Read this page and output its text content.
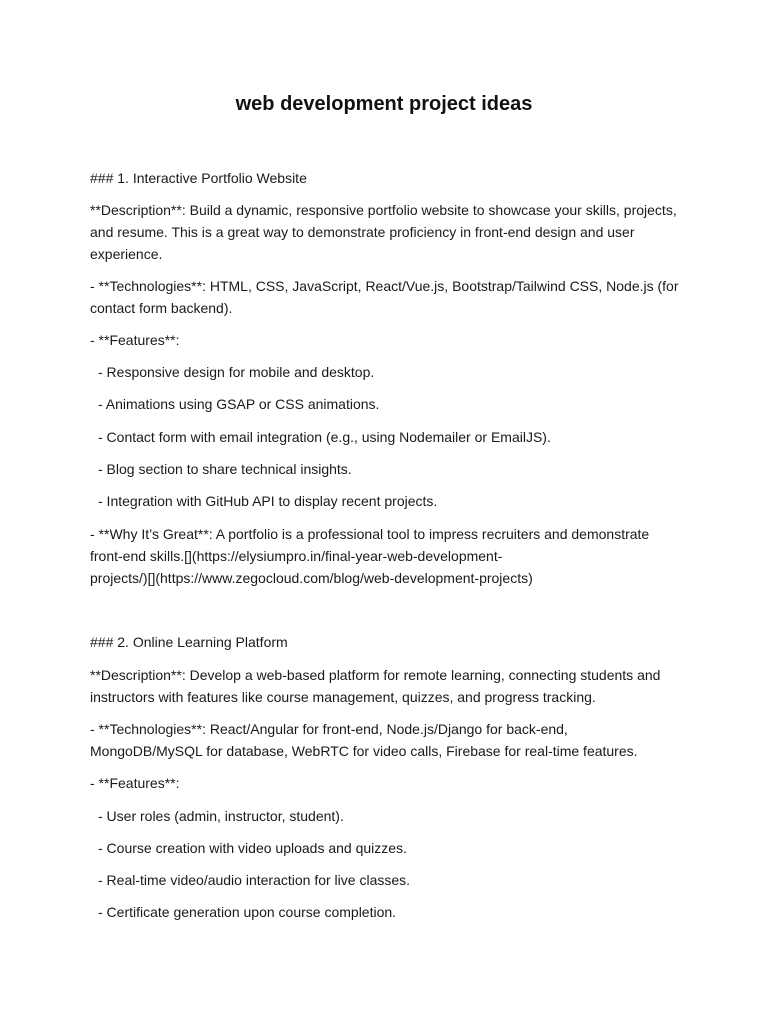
web development project ideas

### 1. Interactive Portfolio Website

**Description**: Build a dynamic, responsive portfolio website to showcase your skills, projects,

and resume. This is a great way to demonstrate proficiency in front-end design and user

experience.

- **Technologies**: HTML, CSS, JavaScript, React/Vue.js, Bootstrap/Tailwind CSS, Node.js (for

contact form backend).

- **Features**:

- Responsive design for mobile and desktop.

- Animations using GSAP or CSS animations.

- Contact form with email integration (e.g., using Nodemailer or EmailJS).

- Blog section to share technical insights.

- Integration with GitHub API to display recent projects.

- **Why It’s Great**: A portfolio is a professional tool to impress recruiters and demonstrate

front-end skills.[](https://elysiumpro.in/final-year-web-development-

projects/)[](https://www.zegocloud.com/blog/web-development-projects)

### 2. Online Learning Platform

**Description**: Develop a web-based platform for remote learning, connecting students and

instructors with features like course management, quizzes, and progress tracking.

- **Technologies**: React/Angular for front-end, Node.js/Django for back-end,

MongoDB/MySQL for database, WebRTC for video calls, Firebase for real-time features.

- **Features**:

- User roles (admin, instructor, student).

- Course creation with video uploads and quizzes.

- Real-time video/audio interaction for live classes.

- Certificate generation upon course completion.
